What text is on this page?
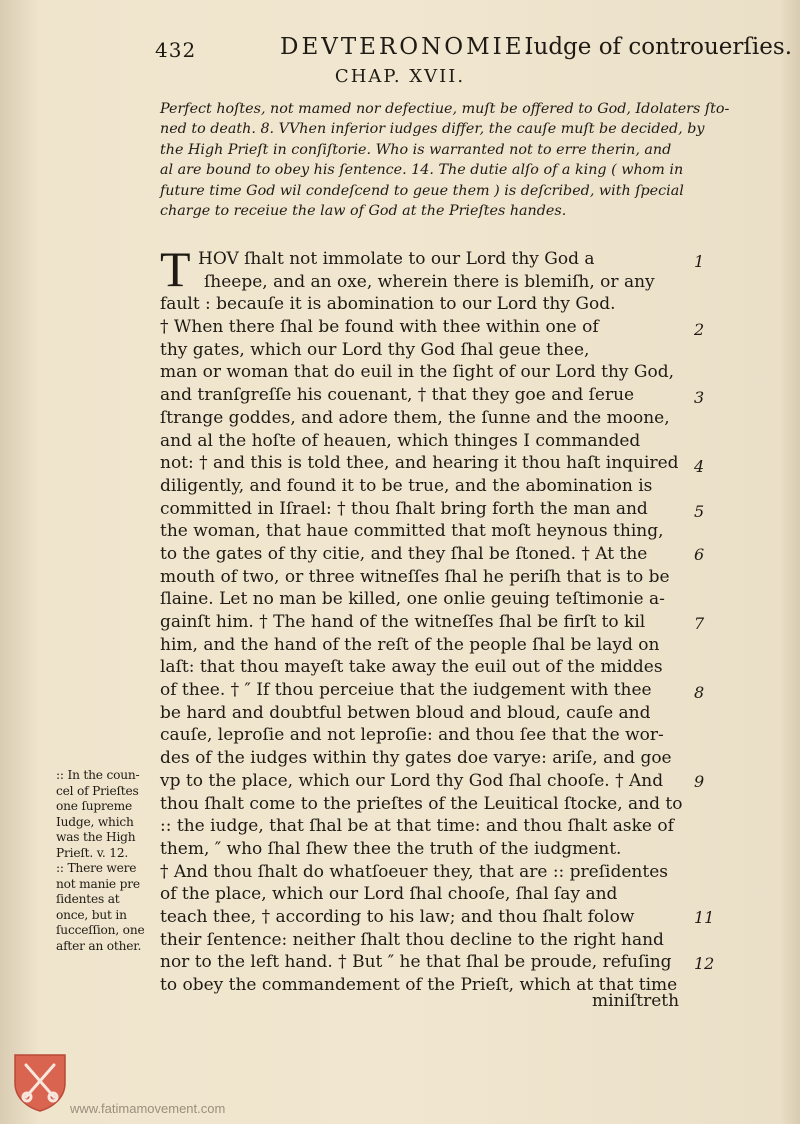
432	DEVTERONOMIE.
Iudge of controuerſies.
CHAP. XVII.
Perfect hoſtes, not mamed nor defectiue, muſt be offered to God, Idolaters ſto-
ned to death. 8. VVhen inferior iudges differ, the cauſe muſt be decided, by
the High Prieſt in conſiſtorie. Who is warranted not to erre therin, and
al are bound to obey his ſentence. 14. The dutie alſo of a king ( whom in
future time God wil condeſcend to geue them ) is deſcribed, with ſpecial
charge to receiue the law of God at the Prieſtes handes.
T HOV ſhalt not immolate to our Lord thy God a
ſheepe, and an oxe, wherein there is blemiſh, or any
fault : becauſe it is abomination to our Lord thy God.
† When there ſhal be found with thee within one of
thy gates, which our Lord thy God ſhal geue thee,
man or woman that do euil in the ſight of our Lord thy God,
and tranſgreſſe his couenant, † that they goe and ſerue
ſtrange goddes, and adore them, the ſunne and the moone,
and al the hoſte of heauen, which thinges I commanded
not: † and this is told thee, and hearing it thou haſt inquired
diligently, and found it to be true, and the abomination is
committed in Iſrael: † thou ſhalt bring forth the man and
the woman, that haue committed that moſt heynous thing,
to the gates of thy citie, and they ſhal be ſtoned. † At the
mouth of two, or three witneſſes ſhal he periſh that is to be
ſlaine. Let no man be killed, one onlie geuing teſtimonie a-
gainſt him. † The hand of the witneſſes ſhal be firſt to kil
him, and the hand of the reſt of the people ſhal be layd on
laſt: that thou mayeſt take away the euil out of the middes
of thee. † ″ If thou perceiue that the iudgement with thee
be hard and doubtful betwen bloud and bloud, cauſe and
cauſe, leproſie and not leproſie: and thou ſee that the wor-
des of the iudges within thy gates doe varye: ariſe, and goe
vp to the place, which our Lord thy God ſhal chooſe. † And
thou ſhalt come to the prieſtes of the Leuitical ſtocke, and to
:: the iudge, that ſhal be at that time: and thou ſhalt aske of
them, ″ who ſhal ſhew thee the truth of the iudgment.
† And thou ſhalt do whatſoeuer they, that are :: preſidentes
of the place, which our Lord ſhal chooſe, ſhal ſay and
teach thee, † according to his law; and thou ſhalt folow
their ſentence: neither ſhalt thou decline to the right hand
nor to the left hand. † But ″ he that ſhal be proude, refuſing
to obey the commandement of the Prieſt, which at that time
1
2
3
4
5
6
7
8
9
11
12
:: In the coun-
cel of Prieſtes
one ſupreme
Iudge, which
was the High
Prieſt. v. 12.
:: There were
not manie pre
ſidentes at
once, but in
ſucceſſion, one
after an other.
miniſtreth
www.fatimamovement.com
